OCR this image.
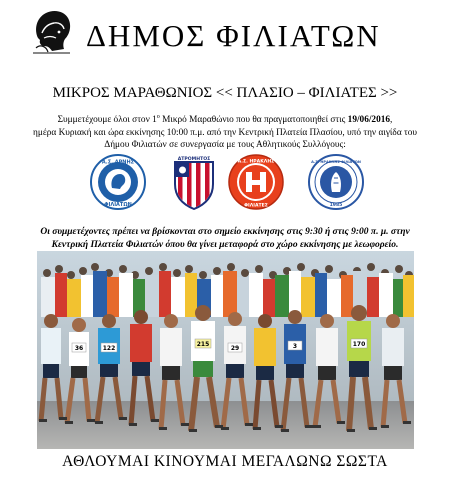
ΔΗΜΟΣ ΦΙΛΙΑΤΩΝ
ΜΙΚΡΟΣ ΜΑΡΑΘΩΝΙΟΣ << ΠΛΑΣΙΟ – ΦΙΛΙΑΤΕΣ >>

Συμμετέχουμε όλοι στον $1^o$ Μικρό Μαραθώνιο που θα πραγματοποιηθεί στις 19/06/2016,

ημέρα Κυριακή και ώρα εκκίνησης 10:00 π.μ. από την Κεντρική Πλατεία Πλασίου, υπό την αιγίδα του

Δήμου Φιλιατών σε συνεργασία με τους Αθλητικούς Συλλόγους:

Α.Σ. ΑΡΝΗΣ
ΦΙΛΙΑΤΩΝ
ΑΤΡΟΜΗΤΟΣ	Α.Σ. ΗΡΑΚΛΗΣ
ΦΙΛΙΑΤΕΣ
Α.Σ. ΗΡΑΚΛΗΣ ΦΙΛΙΑΤΩΝ
1985

Οι συμμετέχοντες πρέπει να βρίσκονται στο σημείο εκκίνησης στις 9:30 ή στις 9:00 π. μ. στην

Κεντρική Πλατεία Φιλιατών όπου θα γίνει μεταφορά στο χώρο εκκίνησης με λεωφορείο.

36	122
215
29	3	170
ΑΘΛΟΥΜΑΙ ΚΙΝΟΥΜΑΙ ΜΕΓΑΛΩΝΩ ΣΩΣΤΑ
